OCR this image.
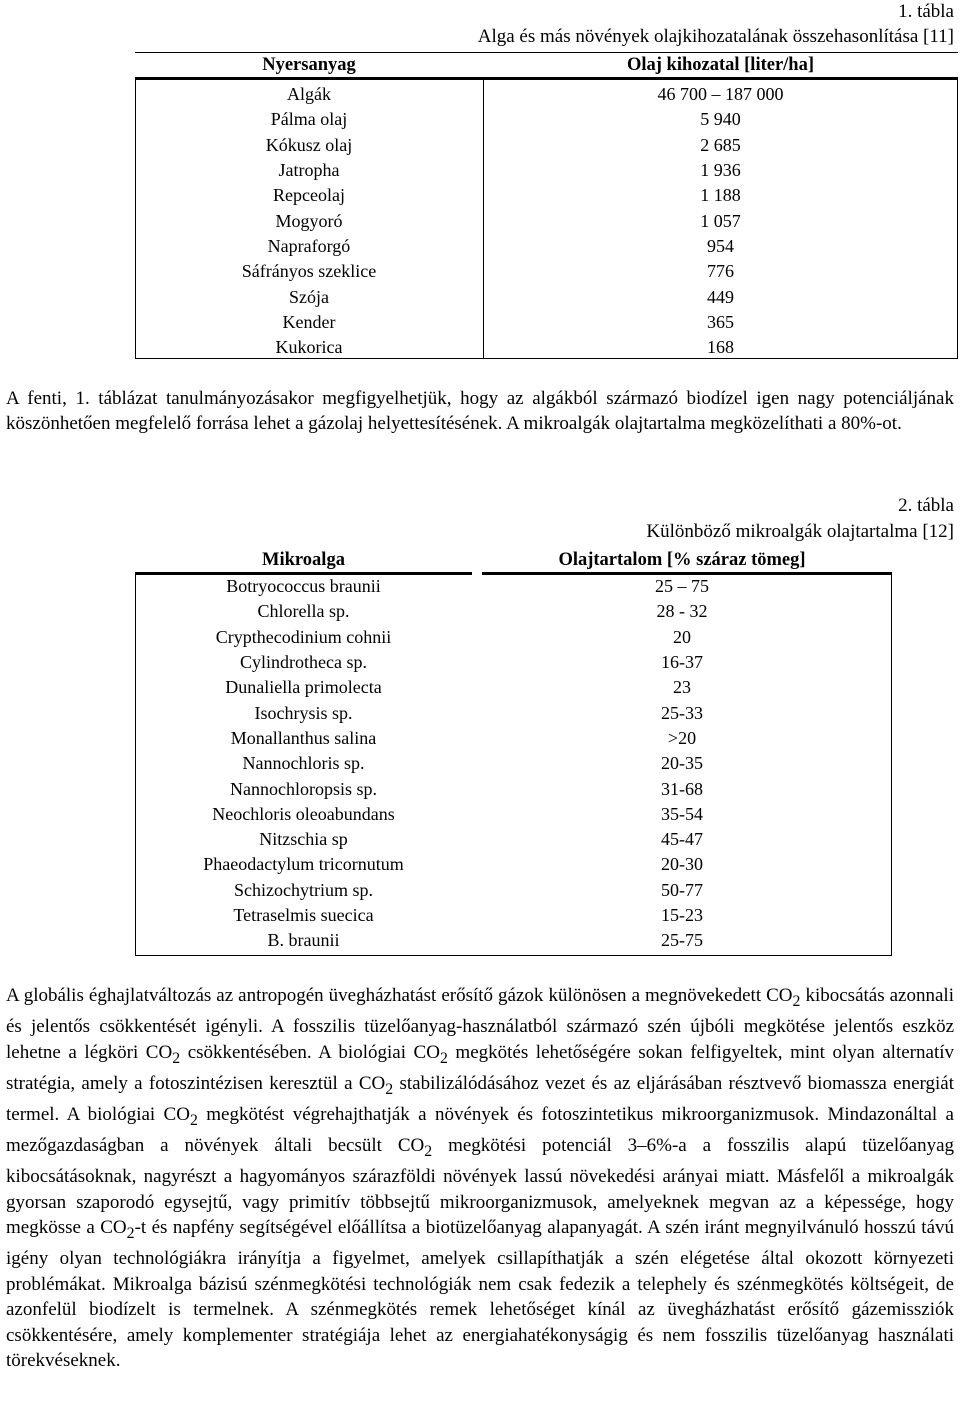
1. tábla
Alga és más növények olajkihozatalának összehasonlítása [11]
Nyersanyag	Olaj kihozatal [liter/ha]
Algák	46 700 – 187 000
Pálma olaj	5 940
Kókusz olaj	2 685
Jatropha	1 936
Repceolaj	1 188
Mogyoró	1 057
Napraforgó	954
Sáfrányos szeklice	776
Szója	449
Kender	365
Kukorica	168
A fenti, 1. táblázat tanulmányozásakor megfigyelhetjük, hogy az algákból származó biodízel igen nagy potenciáljának köszönhetően megfelelő forrása lehet a gázolaj helyettesítésének. A mikroalgák olajtartalma megközelíthati a 80%-ot.
2. tábla
Különböző mikroalgák olajtartalma [12]
Mikroalga	Olajtartalom [% száraz tömeg]
Botryococcus braunii	25 – 75
Chlorella sp.	28 - 32
Crypthecodinium cohnii	20
Cylindrotheca sp.	16-37
Dunaliella primolecta	23
Isochrysis sp.	25-33
Monallanthus salina	>20
Nannochloris sp.	20-35
Nannochloropsis sp.	31-68
Neochloris oleoabundans	35-54
Nitzschia sp	45-47
Phaeodactylum tricornutum	20-30
Schizochytrium sp.	50-77
Tetraselmis suecica	15-23
B. braunii	25-75
A globális éghajlatváltozás az antropogén üvegházhatást erősítő gázok különösen a megnövekedett $CO_2$ kibocsátás azonnali és jelentős csökkentését igényli. A fosszilis tüzelőanyag-használatból származó szén újbóli megkötése jelentős eszköz lehetne a légköri $CO_2$ csökkentésében. A biológiai $CO_2$ megkötés lehetőségére sokan felfigyeltek, mint olyan alternatív stratégia, amely a fotoszintézisen keresztül a $CO_2$ stabilizálódásához vezet és az eljárásában résztvevő biomassza energiát termel. A biológiai $CO_2$ megkötést végrehajthatják a növények és fotoszintetikus mikroorganizmusok. Mindazonáltal a mezőgazdaságban a növények általi becsült $CO_2$ megkötési potenciál 3–6%-a a fosszilis alapú tüzelőanyag kibocsátásoknak, nagyrészt a hagyományos szárazföldi növények lassú növekedési arányai miatt. Másfelől a mikroalgák gyorsan szaporodó egysejtű, vagy primitív többsejtű mikroorganizmusok, amelyeknek megvan az a képessége, hogy megkösse a $CO_2-t$ és napfény segítségével előállítsa a biotüzelőanyag alapanyagát. A szén iránt megnyilvánuló hosszú távú igény olyan technológiákra irányítja a figyelmet, amelyek csillapíthatják a szén elégetése által okozott környezeti problémákat. Mikroalga bázisú szénmegkötési technológiák nem csak fedezik a telephely és szénmegkötés költségeit, de azonfelül biodízelt is termelnek. A szénmegkötés remek lehetőséget kínál az üvegházhatást erősítő gázemissziók csökkentésére, amely komplementer stratégiája lehet az energiahatékonyságig és nem fosszilis tüzelőanyag használati törekvéseknek.
